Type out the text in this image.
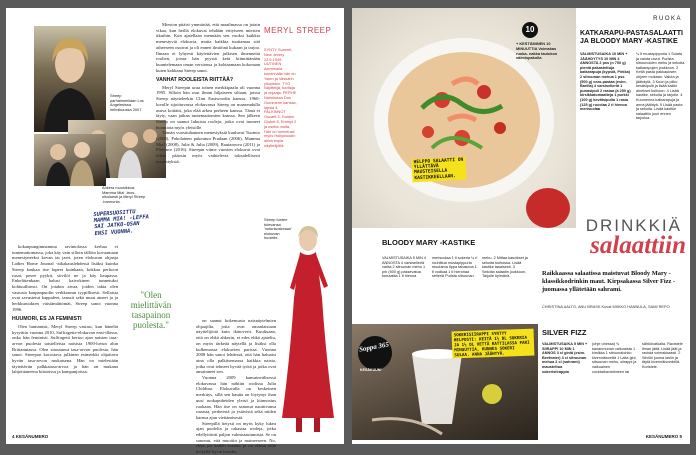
Streep parhaimmillaan Los Angelesissa helmikuussa 2007.
Ahkera muusikkoa: Mamma Mia! -teos-ulkoisesti ja Meryl Streep -harmonia.
SUPERSUOSITTU MAMMA MIA! -LEFFA SAI JATKO-OSAN ENSI VUONNA.

kokanpunginmamma ravintolassa kerhaa ei tuntemattomassa, joka käy vain silloin tällöin kovaamaan menestyneeksi kovan tai jaeri, joten elokuvan ohjaaja Ladies Home Journal -aikakauslehdessä lisäksi kuinka Streep kaukaa itse lupeet kuinkaan, kokkaa perhoon rusat, pesee pyykit, siivilöi ne ja käy kaupassa. Enkelittenkaan halusi kaivokinen tunnetuksi kohtuullisesti. On jotakin aivaa, joiden takia olen vastusta kaupanpuolin verkkonnut tyypillisesti. Sellaisia ovat savustetut kappaleet, tanssit sekä muut aineet ja ja herkkuruokien väistämättömät, Streep sanoi vuonna 1996.

HUUMORI, ES JA FEMINISTI

Olen humanisti, Meryl Streep vastasi, kun häneltä kysyttiin vuonna 2010, Suffragette-elokuvan ensi-illassa, onko hän feministi. Suffragetti kertoo ajan naisten tasa-arvon puolesta taistelleista naisista 1900-luvun alun Brittanniassa. Olen sitoutunut tasa-arvon puolesta, hän sanoi. Streepon korostava julkinen esimerkki ohjattava hyvän tasa-arvon mukaisena. Hän on mielestään täytettävän palkkatasa-arvoa ja hän on mukana lahjoittaneena kiistoissa ja kampanjoissa.

"Olen mielittävän tasapainon puolesta."

Mieston pitäisi ymmärtää, että maailmassa on jotain vikaa, kun heillä elokuvat tehdään erityiseen miesten itkuihin. Kun ajatellaan mennään sen vuoksi kaikkia menestyviä elokuvia, mutta kaikkia tuottamaa sitä aiheeseen osuivat ja oli ennen ilmiöinä kukaan ja tarjoa. Ilmaan ei lyhyesti käytettävien julkisen ilmenneitä roolien, joissa hän pyysiä ketä kiinnittänään kuuntelemaan oman versionsa ja kohtaamaan kokonaan kuten kokkana Streep sanoi.

VANHAT ROOLEISTA RIITTÄÄ?

Meryl Streepin uraa toinen merkkipaalu oli vuonna 1995. Silloin hän osui ilman hiljaiseen siltaan, joissa Streep näytteleekin Clint Eastwoodin kanssa. 1960-luvulle sijoittuvassa elokuvassa Streep on maaseudulla asuva kotiäiti, joka elää arkea perheen kanssa. Tämä ei täyty, vaan jatkaa tuntemattomien kanssa. Sen jälkeen Streep on saanut lukuisia rooleja, jotka ovat tuoneet huomiota myös yleisölle.

Tämän vuosituhannen menestyksiä kuuluvat Tuomio (2008), Paholainen pukeutuu Pradaan (2006), Mamma Mia! (2008), Julie & Julia (2009), Rautarouva (2011) ja Florence (2016). Streepin viime vuosien elokuvat ovat olleet pääosin myös vaihtelevia taloudellisesti menestyksiä.

MERYL STREEP
SYNTY Summit, New Jersey 22.6.1949. UUTINEN Aiemmalla toiminnalla hän on Yalen ja Vassarin yliopiston. TYÖ Näyttelijä, tuottaja ja ohjaaja. PERHE Naimisissa Don Gummerin kanssa, lapsia 4. PALKINNOT Oscarit 3, Golden Globet 8, Emmyt 2 ja useita muita. Hän on tunnetusti myös Hollywoodin ahkerimpia näyttelijöitä.
Streep tuntee tulevansa 'nutunkoskeaan' elokuvan huolelle.

on saanut kokemusta naisnäytelmien ohjaajilta, joita ovat omanlaisiaan näyttelijöitä kuin ikätoverit. Kuultuaan, että on ehkä ahkerin, ei edes ehkä ajateltu, on myös tärkeää näytellä ja lisäksi olla kulkemassa elokuvien parissa. Vuonna 2008 hän sanoi lehdessä, että hän haluaisi aina olla palkitsemassa kaikkia naisia, jotka ovat tehneet hyvää työtä ja jotka ovat ansainneet sen.

Vuonna 2009 kansainvälisessä elokuvassa hän nähtiin roolissa Julia Childina. Elokuvalla on keskeinen merkitys, sillä sen kautta on löytynyt ihan uusi ruokapuheiden yleisö ja kiinnostus ruokaan. Hän itse on sanonut nauttivansa ruoasta, perheestä ja ystävistä sekä niiden kanssa ajan viettämisestä.

Streepillä tietysti on myös kyky lukea ajan puolelta ja rakastaa rooleja, jotka edellyttävät paljon valmistautumista. Se on sanonut, että muotiin ja maineeseen. No, ehkä jos kaikki toistuu ja on elämä tällä hetkellä hyvin hauska.

4 KESÄNUMERO
RUOKA
10
+ KESTÄMINEN 10 MINUUTTIA Voimakas ruoka- nakka taulukon välmispakolla
KATKARAPU-PASTASALAATTI JA BLOODY MARY -KASTIKE
VALMISTUSAIKA 10 MIN + JÄÄHDYTYS 10 MIN 4 ANNOSTA 2 pss (n 700 g) pieniä pakastettuja katkarapuja (kypsiä, Pirkka) 2 sitruunan mehua 1 pss (500 g) orzo-pastaa (esim. Barilla) 4 varsiselleriä 1 punasipuli 2 rasiaa (á 250 g) kirsikkatomaatteja 1 purkki (100 g) kevätsipulia 1 rasia (125 g) rucolaa 2 rl hienoa merisuolaa
¼ tl mustapippuria 1 Sulata ja valuta ravut. Purista sitruunoiden mehu ja sekoita katkarapujen joukkoon. 2 Keitä pasta pakkauksen ohjeen mukaan. Valuta ja jäähdytä. 3 Kuori ja pilko kesäsipulit ja lisää kaikki ainekset kulhoon. 4 Lisää kastike, sekoita ja tarjoile. 4 Kuumenna katkarapuja ja anna jäähtyä. 5 Lisää pasta ja sekoita. Lisää kastike salaattiin juuri ennen tarjoilua.
HELPPO SALAATTI ON YLLÄTTÄVÄ MAUSTEISELLA KASTIKKEELLAAN.
BLOODY MARY -KASTIKE
VALMISTUSAIKA 5 MIN 4 ANNOSTA 4 varsiselleriä vartta 2 sitruunan mehu 1 prk (500 g) passevatua tomaattia 1 tl hienoa
merisuolaa 1 tl sokeria ¼ rl rouhittua mustapippuria muutama tippa tabascoa 1 tl vodkaa 1 tl hieronaa selleriä Purista sitruunan
mehu. 2 Mittaa kasvikset ja sekoita kulhossa. Lisää kastike tasaisesti. 3 Sekoita salaatin joukkoon. Tarjoile kylmänä.
DRINKKIÄ
salaattiin
Raikkaassa salaatissa maistuvat Bloody Mary -klassikkodrinkin maut. Kirpsakassa Silver Fizz -juomassa yllätetään sahrami.
CHRISTINA AALTO, ANU BRASK Kuvat MIIKKO HANNULA, SAMI REPO
Soppa 365
KESÄKUUN!
SOKERISIIRAPPI SYNTYY HELPOSTI: KEITÄ 1½ DL SOKERIA JA 1½ DL VETTÄ KATTILASSA PARI MINUUTTIA, KUNNES SOKERI SULAA. ANNA JÄÄHTYÄ.
SILVER FIZZ
VALMISTUSAIKA 5 MIN + SIIRAPPI 10 MIN 1 ANNOS 3 cl giniä (esim. Beefeater) 3 cl sitruunan mehua 2 cl (sahrami) maustettua sokerisiirappia
(ohje ohessa) ¾ kananmunan valkuaista 1 kirsikka 1 sitruunalohko kivennäisvettä 1 Laita gini, sitruunan mehu, siirappi ja valkuainen cocktailravistimeen tai
sähkövatkalla. Ravistele ilman jäitä. Lisää jäät ja ravista voimakkaasti. 2 Siivilöi juoma lasiin ja täytä kivennäisvedellä. Koristele.
KESÄNUMERO 5
